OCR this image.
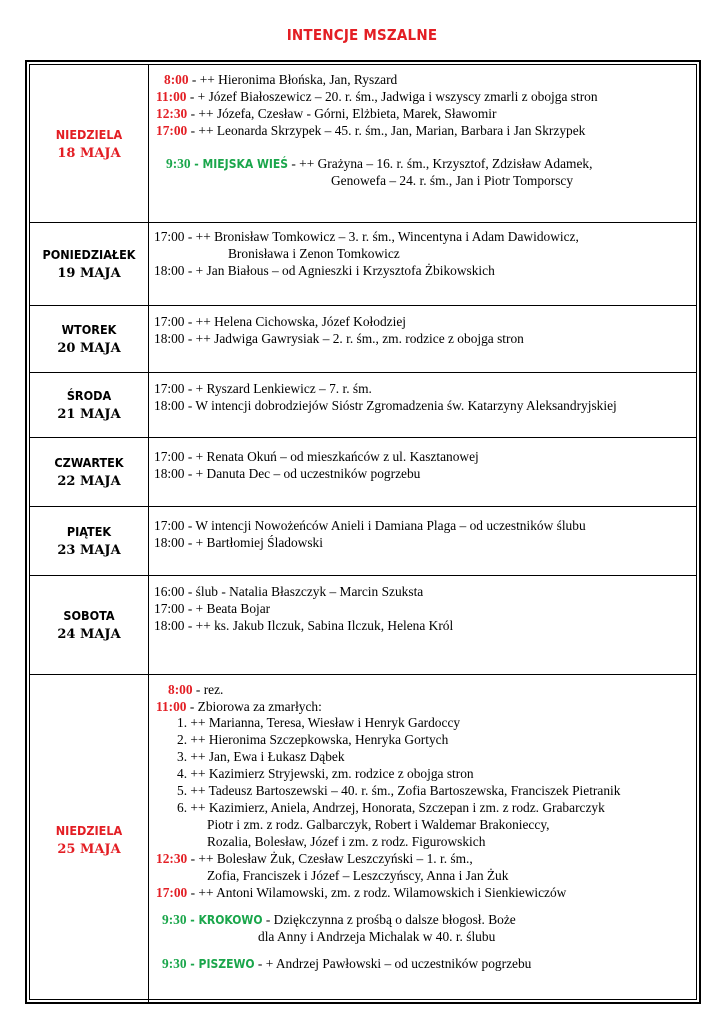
INTENCJE MSZALNE
NIEDZIELA
18 MAJA
8:00 - ++ Hieronima Błońska, Jan, Ryszard
11:00 - + Józef Białoszewicz – 20. r. śm., Jadwiga i wszyscy zmarli z obojga stron
12:30 - ++ Józefa, Czesław - Górni, Elżbieta, Marek, Sławomir
17:00 - ++ Leonarda Skrzypek – 45. r. śm., Jan, Marian, Barbara i Jan Skrzypek
9:30 - MIEJSKA WIEŚ - ++ Grażyna – 16. r. śm., Krzysztof, Zdzisław Adamek,
Genowefa – 24. r. śm., Jan i Piotr Tomporscy
PONIEDZIAŁEK
19 MAJA
17:00 - ++ Bronisław Tomkowicz – 3. r. śm., Wincentyna i Adam Dawidowicz,
Bronisława i Zenon Tomkowicz
18:00 - + Jan Białous – od Agnieszki i Krzysztofa Żbikowskich
WTOREK
20 MAJA
17:00 - ++ Helena Cichowska, Józef Kołodziej
18:00 - ++ Jadwiga Gawrysiak – 2. r. śm., zm. rodzice z obojga stron
ŚRODA
21 MAJA
17:00 - + Ryszard Lenkiewicz – 7. r. śm.
18:00 - W intencji dobrodziejów Sióstr Zgromadzenia św. Katarzyny Aleksandryjskiej
CZWARTEK
22 MAJA
17:00 - + Renata Okuń – od mieszkańców z ul. Kasztanowej
18:00 - + Danuta Dec – od uczestników pogrzebu
PIĄTEK
23 MAJA
17:00 - W intencji Nowożeńców Anieli i Damiana Plaga – od uczestników ślubu
18:00 - + Bartłomiej Śladowski
SOBOTA
24 MAJA
16:00 - ślub - Natalia Błaszczyk – Marcin Szuksta
17:00 - + Beata Bojar
18:00 - ++ ks. Jakub Ilczuk, Sabina Ilczuk, Helena Król
NIEDZIELA
25 MAJA
8:00 - rez.
11:00 - Zbiorowa za zmarłych:
1. ++ Marianna, Teresa, Wiesław i Henryk Gardoccy
2. ++ Hieronima Szczepkowska, Henryka Gortych
3. ++ Jan, Ewa i Łukasz Dąbek
4. ++ Kazimierz Stryjewski, zm. rodzice z obojga stron
5. ++ Tadeusz Bartoszewski – 40. r. śm., Zofia Bartoszewska, Franciszek Pietranik
6. ++ Kazimierz, Aniela, Andrzej, Honorata, Szczepan i zm. z rodz. Grabarczyk
Piotr i zm. z rodz. Galbarczyk, Robert i Waldemar Brakonieccy,
Rozalia, Bolesław, Józef i zm. z rodz. Figurowskich
12:30 - ++ Bolesław Żuk, Czesław Leszczyński – 1. r. śm.,
Zofia, Franciszek i Józef – Leszczyńscy, Anna i Jan Żuk
17:00 - ++ Antoni Wilamowski, zm. z rodz. Wilamowskich i Sienkiewiczów
9:30 - KROKOWO - Dziękczynna z prośbą o dalsze błogosł. Boże
dla Anny i Andrzeja Michalak w 40. r. ślubu
9:30 - PISZEWO - + Andrzej Pawłowski – od uczestników pogrzebu
